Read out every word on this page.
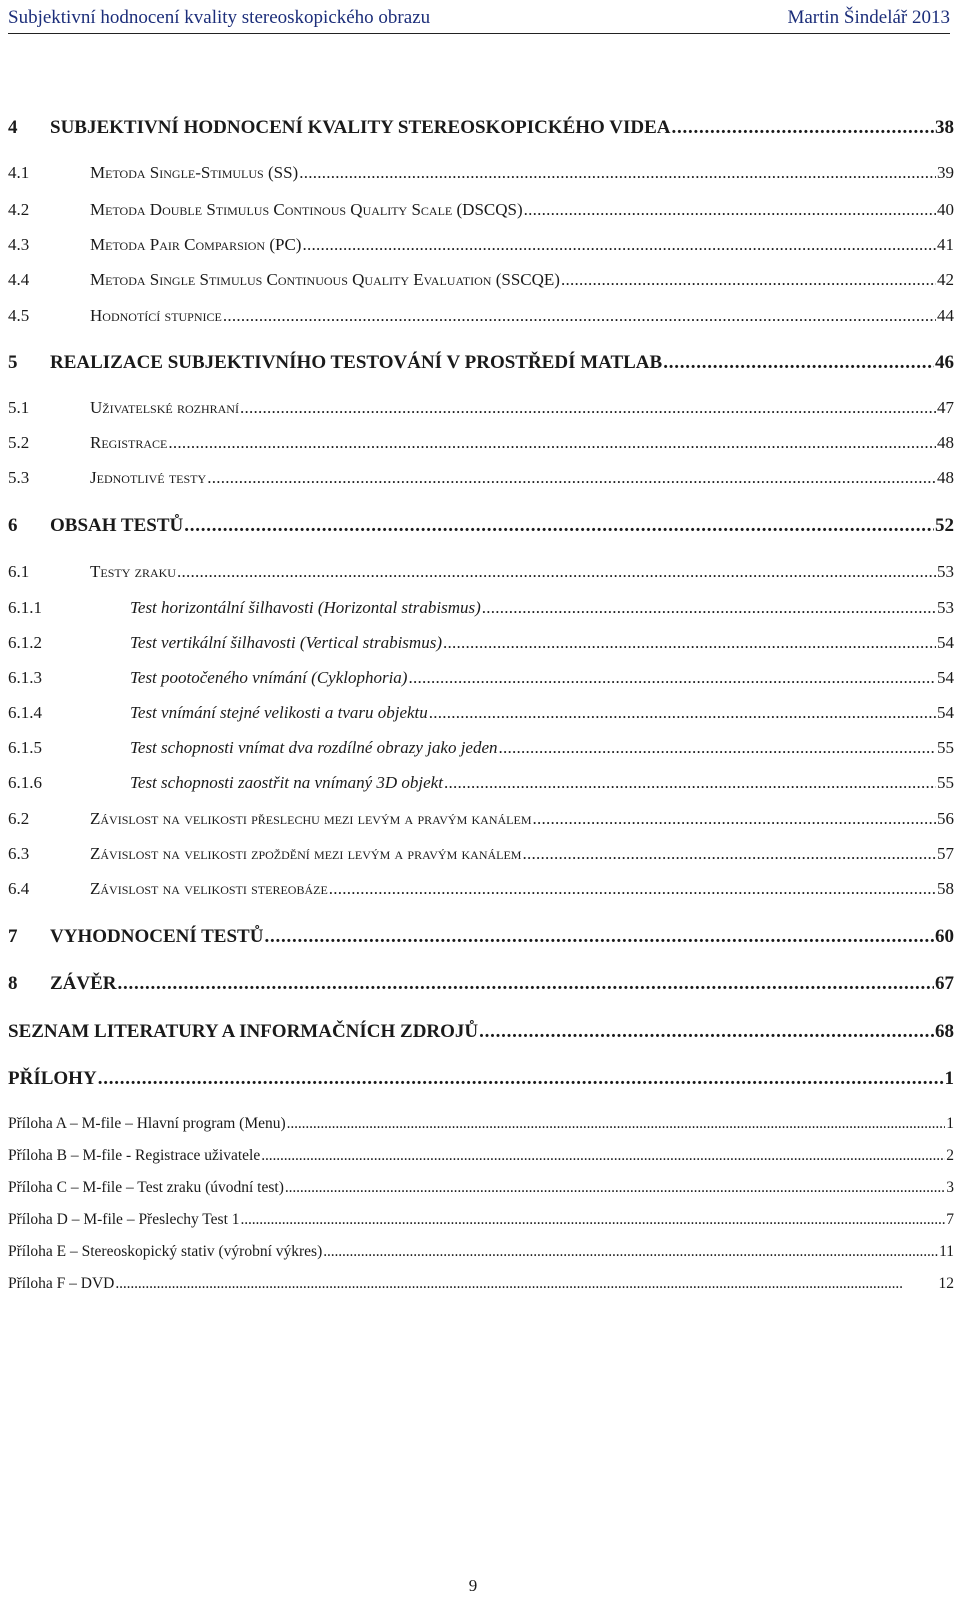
Subjektivní hodnocení kvality stereoskopického obrazu	Martin Šindelář 2013
4	SUBJEKTIVNÍ HODNOCENÍ KVALITY STEREOSKOPICKÉHO VIDEA . . .	38
4.1	Metoda Single-Stimulus (SS) . . .	39
4.2	Metoda Double Stimulus Continous Quality Scale (DSCQS) . . .	40
4.3	Metoda Pair Comparsion (PC) . . .	41
4.4	Metoda Single Stimulus Continuous Quality Evaluation (SSCQE) . . .	42
4.5	Hodnotící stupnice . . .	44
5	REALIZACE SUBJEKTIVNÍHO TESTOVÁNÍ V PROSTŘEDÍ MATLAB . . .	46
5.1	Uživatelské rozhraní . . .	47
5.2	Registrace . . .	48
5.3	Jednotlivé testy . . .	48
6	OBSAH TESTŮ . . .	52
6.1	Testy zraku . . .	53
6.1.1	Test horizontální šilhavosti (Horizontal strabismus) . . .	53
6.1.2	Test vertikální šilhavosti (Vertical strabismus) . . .	54
6.1.3	Test pootočeného vnímání (Cyklophoria) . . .	54
6.1.4	Test vnímání stejné velikosti a tvaru objektu . . .	54
6.1.5	Test schopnosti vnímat dva rozdílné obrazy jako jeden . . .	55
6.1.6	Test schopnosti zaostřit na vnímaný 3D objekt . . .	55
6.2	Závislost na velikosti přeslechu mezi levým a pravým kanálem . . .	56
6.3	Závislost na velikosti zpoždění mezi levým a pravým kanálem . . .	57
6.4	Závislost na velikosti stereobáze . . .	58
7	VYHODNOCENÍ TESTŮ . . .	60
8	ZÁVĚR . . .	67
SEZNAM LITERATURY A INFORMAČNÍCH ZDROJŮ . . .	68
PŘÍLOHY . . .	1
Příloha A – M-file – Hlavní program (Menu) . . .	1
Příloha B – M-file - Registrace uživatele . . .	2
Příloha C – M-file – Test zraku (úvodní test) . . .	3
Příloha D – M-file – Přeslechy Test 1 . . .	7
Příloha E – Stereoskopický stativ (výrobní výkres) . . .	11
Příloha F – DVD . . .	12
9
